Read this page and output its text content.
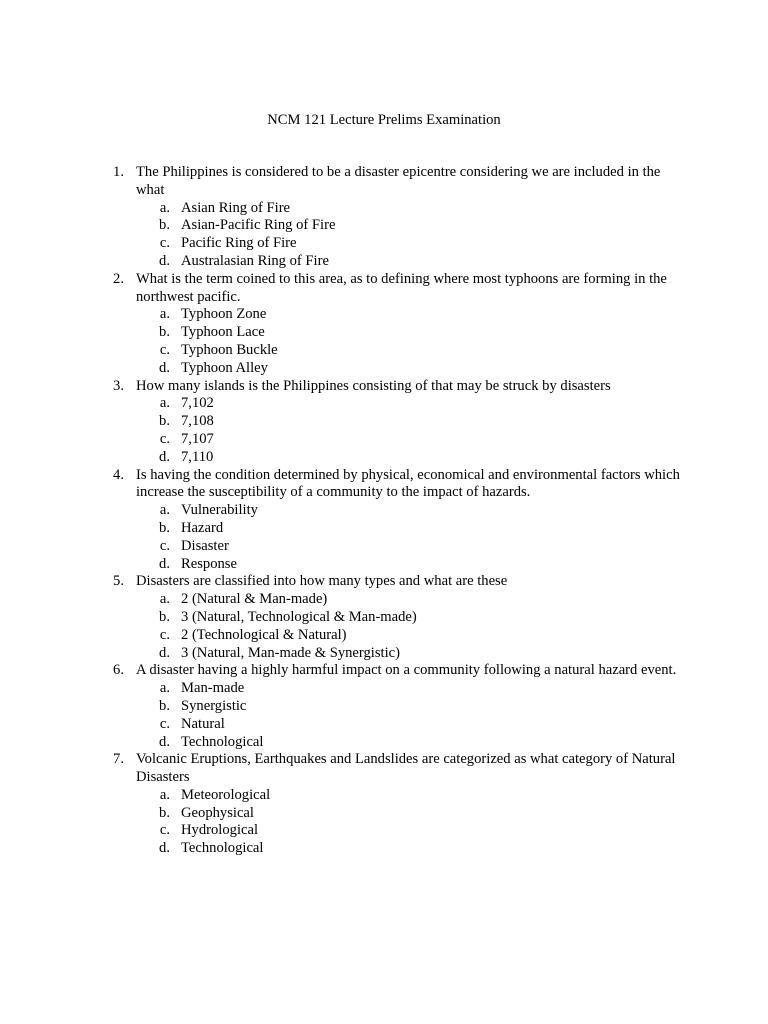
NCM 121 Lecture Prelims Examination
1. The Philippines is considered to be a disaster epicentre considering we are included in the what
a. Asian Ring of Fire
b. Asian-Pacific Ring of Fire
c. Pacific Ring of Fire
d. Australasian Ring of Fire
2. What is the term coined to this area, as to defining where most typhoons are forming in the northwest pacific.
a. Typhoon Zone
b. Typhoon Lace
c. Typhoon Buckle
d. Typhoon Alley
3. How many islands is the Philippines consisting of that may be struck by disasters
a. 7,102
b. 7,108
c. 7,107
d. 7,110
4. Is having the condition determined by physical, economical and environmental factors which increase the susceptibility of a community to the impact of hazards.
a. Vulnerability
b. Hazard
c. Disaster
d. Response
5. Disasters are classified into how many types and what are these
a. 2 (Natural & Man-made)
b. 3 (Natural, Technological & Man-made)
c. 2 (Technological & Natural)
d. 3 (Natural, Man-made & Synergistic)
6. A disaster having a highly harmful impact on a community following a natural hazard event.
a. Man-made
b. Synergistic
c. Natural
d. Technological
7. Volcanic Eruptions, Earthquakes and Landslides are categorized as what category of Natural Disasters
a. Meteorological
b. Geophysical
c. Hydrological
d. Technological
